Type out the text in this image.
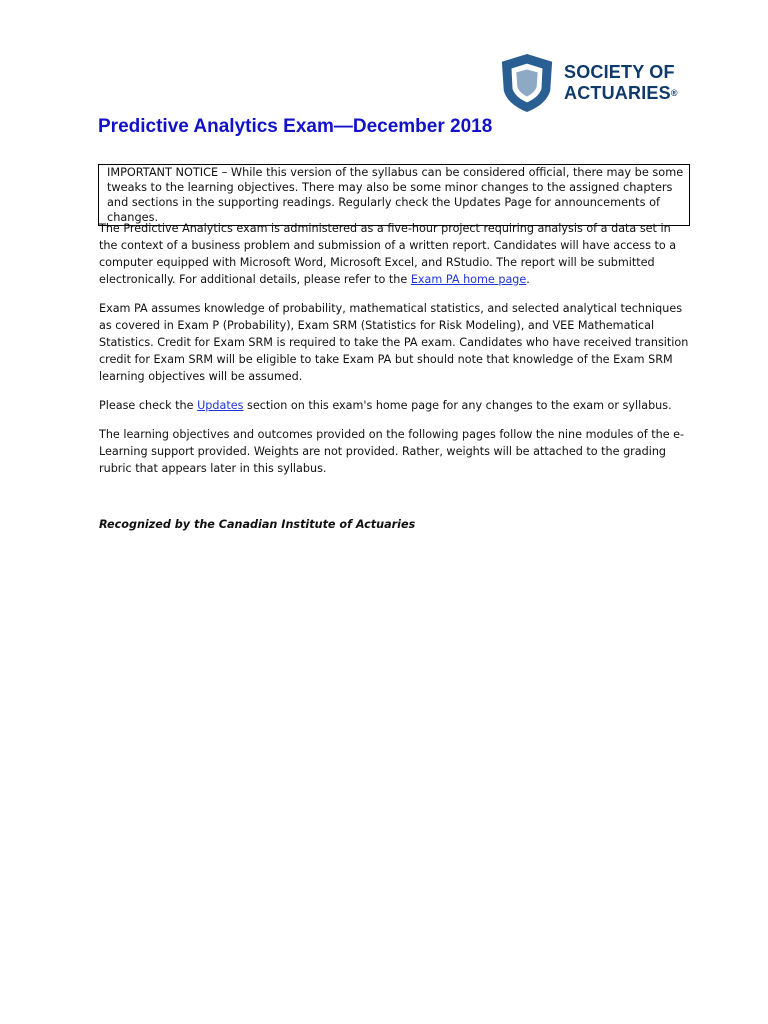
SOCIETY OF
ACTUARIES®
Predictive Analytics Exam—December 2018
IMPORTANT NOTICE – While this version of the syllabus can be considered official, there may be some tweaks to the learning objectives. There may also be some minor changes to the assigned chapters and sections in the supporting readings. Regularly check the Updates Page for announcements of changes.

The Predictive Analytics exam is administered as a five-hour project requiring analysis of a data set in the context of a business problem and submission of a written report. Candidates will have access to a computer equipped with Microsoft Word, Microsoft Excel, and RStudio. The report will be submitted electronically. For additional details, please refer to the Exam PA home page.

Exam PA assumes knowledge of probability, mathematical statistics, and selected analytical techniques as covered in Exam P (Probability), Exam SRM (Statistics for Risk Modeling), and VEE Mathematical Statistics. Credit for Exam SRM is required to take the PA exam. Candidates who have received transition credit for Exam SRM will be eligible to take Exam PA but should note that knowledge of the Exam SRM learning objectives will be assumed.

Please check the Updates section on this exam's home page for any changes to the exam or syllabus.

The learning objectives and outcomes provided on the following pages follow the nine modules of the e-Learning support provided. Weights are not provided. Rather, weights will be attached to the grading rubric that appears later in this syllabus.

Recognized by the Canadian Institute of Actuaries
